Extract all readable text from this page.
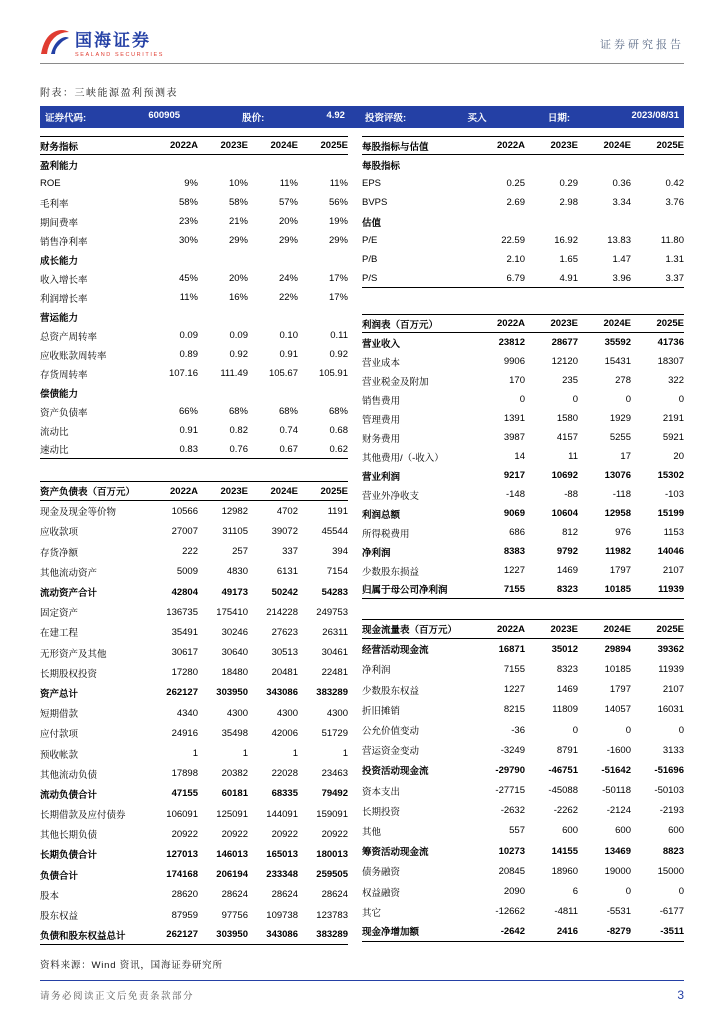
国海证券
SEALAND SECURITIES
证券研究报告
附表：三峡能源盈利预测表
证券代码:	600905	股价:	4.92 投资评级:	买入	日期:	2023/08/31
财务指标	2022A	2023E	2024E	2025E
盈利能力
ROE	9%	10%	11%	11%
毛利率	58%	58%	57%	56%
期间费率	23%	21%	20%	19%
销售净利率	30%	29%	29%	29%
成长能力
收入增长率	45%	20%	24%	17%
利润增长率	11%	16%	22%	17%
营运能力
总资产周转率	0.09	0.09	0.10	0.11
应收账款周转率	0.89	0.92	0.91	0.92
存货周转率	107.16	111.49	105.67	105.91
偿债能力
资产负债率	66%	68%	68%	68%
流动比	0.91	0.82	0.74	0.68
速动比	0.83	0.76	0.67	0.62
资产负债表（百万元）	2022A	2023E	2024E	2025E
现金及现金等价物	10566	12982	4702	1191
应收款项	27007	31105	39072	45544
存货净额	222	257	337	394
其他流动资产	5009	4830	6131	7154
流动资产合计	42804	49173	50242	54283
固定资产	136735	175410	214228	249753
在建工程	35491	30246	27623	26311
无形资产及其他	30617	30640	30513	30461
长期股权投资	17280	18480	20481	22481
资产总计	262127	303950	343086	383289
短期借款	4340	4300	4300	4300
应付款项	24916	35498	42006	51729
预收帐款	1	1	1	1
其他流动负债	17898	20382	22028	23463
流动负债合计	47155	60181	68335	79492
长期借款及应付债券	106091	125091	144091	159091
其他长期负债	20922	20922	20922	20922
长期负债合计	127013	146013	165013	180013
负债合计	174168	206194	233348	259505
股本	28620	28624	28624	28624
股东权益	87959	97756	109738	123783
负债和股东权益总计	262127	303950	343086	383289
资料来源：Wind 资讯，国海证券研究所
每股指标与估值	2022A	2023E	2024E	2025E
每股指标
EPS	0.25	0.29	0.36	0.42
BVPS	2.69	2.98	3.34	3.76
估值
P/E	22.59	16.92	13.83	11.80
P/B	2.10	1.65	1.47	1.31
P/S	6.79	4.91	3.96	3.37
利润表（百万元）	2022A	2023E	2024E	2025E
营业收入	23812	28677	35592	41736
营业成本	9906	12120	15431	18307
营业税金及附加	170	235	278	322
销售费用	0	0	0	0
管理费用	1391	1580	1929	2191
财务费用	3987	4157	5255	5921
其他费用/（-收入）	14	11	17	20
营业利润	9217	10692	13076	15302
营业外净收支	-148	-88	-118	-103
利润总额	9069	10604	12958	15199
所得税费用	686	812	976	1153
净利润	8383	9792	11982	14046
少数股东损益	1227	1469	1797	2107
归属于母公司净利润	7155	8323	10185	11939
现金流量表（百万元）	2022A	2023E	2024E	2025E
经营活动现金流	16871	35012	29894	39362
净利润	7155	8323	10185	11939
少数股东权益	1227	1469	1797	2107
折旧摊销	8215	11809	14057	16031
公允价值变动	-36	0	0	0
营运资金变动	-3249	8791	-1600	3133
投资活动现金流	-29790	-46751	-51642	-51696
资本支出	-27715	-45088	-50118	-50103
长期投资	-2632	-2262	-2124	-2193
其他	557	600	600	600
筹资活动现金流	10273	14155	13469	8823
债务融资	20845	18960	19000	15000
权益融资	2090	6	0	0
其它	-12662	-4811	-5531	-6177
现金净增加额	-2642	2416	-8279	-3511
请务必阅读正文后免责条款部分	3
